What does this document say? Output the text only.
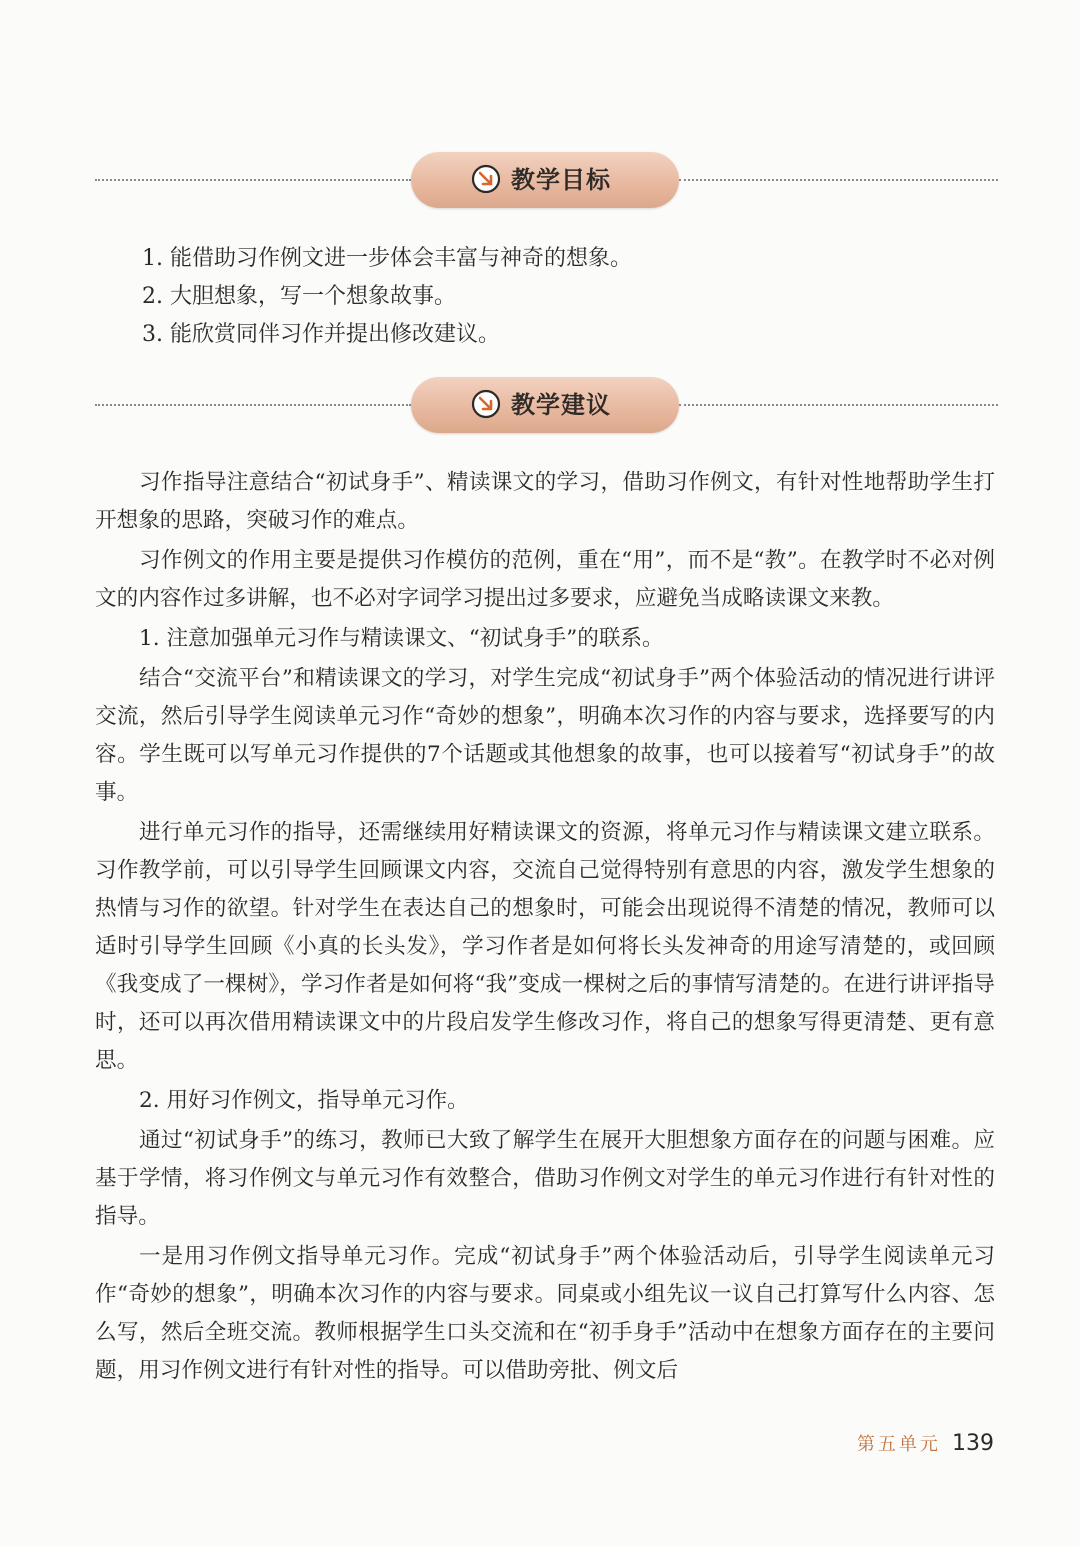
教学目标
1. 能借助习作例文进一步体会丰富与神奇的想象。
2. 大胆想象，写一个想象故事。
3. 能欣赏同伴习作并提出修改建议。
教学建议

习作指导注意结合“初试身手”、精读课文的学习，借助习作例文，有针对性地帮助学生打开想象的思路，突破习作的难点。

习作例文的作用主要是提供习作模仿的范例，重在“用”，而不是“教”。在教学时不必对例文的内容作过多讲解，也不必对字词学习提出过多要求，应避免当成略读课文来教。

1. 注意加强单元习作与精读课文、“初试身手”的联系。

结合“交流平台”和精读课文的学习，对学生完成“初试身手”两个体验活动的情况进行讲评交流，然后引导学生阅读单元习作“奇妙的想象”，明确本次习作的内容与要求，选择要写的内容。学生既可以写单元习作提供的7个话题或其他想象的故事，也可以接着写“初试身手”的故事。

进行单元习作的指导，还需继续用好精读课文的资源，将单元习作与精读课文建立联系。习作教学前，可以引导学生回顾课文内容，交流自己觉得特别有意思的内容，激发学生想象的热情与习作的欲望。针对学生在表达自己的想象时，可能会出现说得不清楚的情况，教师可以适时引导学生回顾《小真的长头发》，学习作者是如何将长头发神奇的用途写清楚的，或回顾《我变成了一棵树》，学习作者是如何将“我”变成一棵树之后的事情写清楚的。在进行讲评指导时，还可以再次借用精读课文中的片段启发学生修改习作，将自己的想象写得更清楚、更有意思。

2. 用好习作例文，指导单元习作。

通过“初试身手”的练习，教师已大致了解学生在展开大胆想象方面存在的问题与困难。应基于学情，将习作例文与单元习作有效整合，借助习作例文对学生的单元习作进行有针对性的指导。

一是用习作例文指导单元习作。完成“初试身手”两个体验活动后，引导学生阅读单元习作“奇妙的想象”，明确本次习作的内容与要求。同桌或小组先议一议自己打算写什么内容、怎么写，然后全班交流。教师根据学生口头交流和在“初手身手”活动中在想象方面存在的主要问题，用习作例文进行有针对性的指导。可以借助旁批、例文后

第五单元 139
